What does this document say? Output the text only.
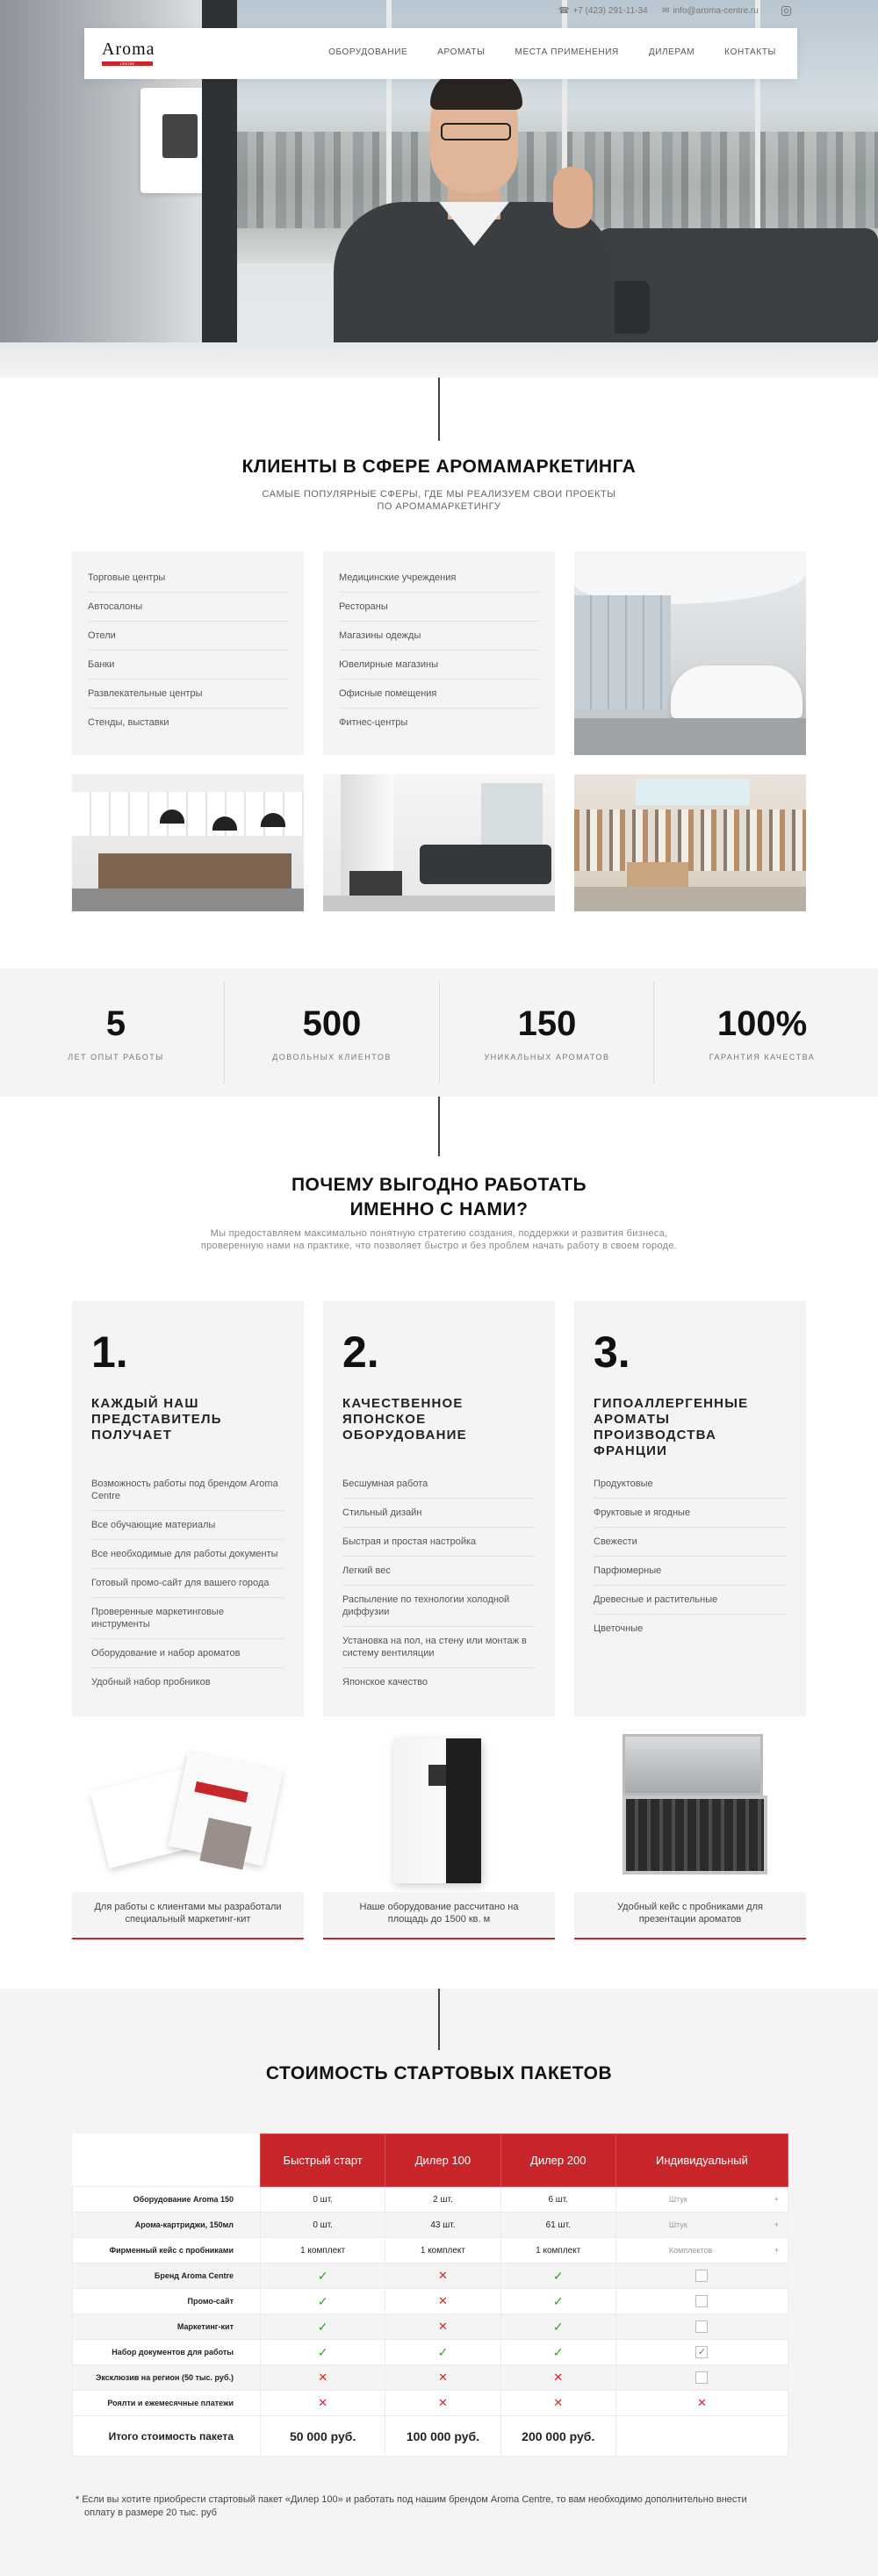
☎ +7 (423) 291-11-34 ✉ info@aroma-centre.ru
Aroma
CENTRE
ОБОРУДОВАНИЕ	АРОМАТЫ	МЕСТА ПРИМЕНЕНИЯ	ДИЛЕРАМ	КОНТАКТЫ
КЛИЕНТЫ В СФЕРЕ АРОМАМАРКЕТИНГА
САМЫЕ ПОПУЛЯРНЫЕ СФЕРЫ, ГДЕ МЫ РЕАЛИЗУЕМ СВОИ ПРОЕКТЫ
ПО АРОМАМАРКЕТИНГУ
Торговые центры
Автосалоны
Отели
Банки
Развлекательные центры
Стенды, выставки
Медицинские учреждения
Рестораны
Магазины одежды
Ювелирные магазины
Офисные помещения
Фитнес-центры
5
ЛЕТ ОПЫТ РАБОТЫ
500
ДОВОЛЬНЫХ КЛИЕНТОВ
150
УНИКАЛЬНЫХ АРОМАТОВ
100%
ГАРАНТИЯ КАЧЕСТВА
ПОЧЕМУ ВЫГОДНО РАБОТАТЬ
ИМЕННО С НАМИ?
Мы предоставляем максимально понятную стратегию создания, поддержки и развития бизнеса,
проверенную нами на практике, что позволяет быстро и без проблем начать работу в своем городе.
1.
КАЖДЫЙ НАШ ПРЕДСТАВИТЕЛЬ ПОЛУЧАЕТ
Возможность работы под брендом Aroma Centre
Все обучающие материалы
Все необходимые для работы документы
Готовый промо-сайт для вашего города
Проверенные маркетинговые инструменты
Оборудование и набор ароматов
Удобный набор пробников
2.
КАЧЕСТВЕННОЕ ЯПОНСКОЕ ОБОРУДОВАНИЕ
Бесшумная работа
Стильный дизайн
Быстрая и простая настройка
Легкий вес
Распыление по технологии холодной диффузии
Установка на пол, на стену или монтаж в систему вентиляции
Японское качество
3.
ГИПОАЛЛЕРГЕННЫЕ АРОМАТЫ ПРОИЗВОДСТВА ФРАНЦИИ
Продуктовые
Фруктовые и ягодные
Свежести
Парфюмерные
Древесные и растительные
Цветочные
Для работы с клиентами мы разработали
специальный маркетинг-кит
Наше оборудование рассчитано на
площадь до 1500 кв. м
Удобный кейс с пробниками для
презентации ароматов
СТОИМОСТЬ СТАРТОВЫХ ПАКЕТОВ
	Быстрый старт	Дилер 100	Дилер 200	Индивидуальный
Оборудование Aroma 150	0 шт.	2 шт.	6 шт.	Штук +

Арома-картриджи, 150мл	0 шт.	43 шт.	61 шт.	Штук +

Фирменный кейс с пробниками	1 комплект	1 комплект	1 комплект	Комплектов +

Бренд Aroma Centre	✓	✕	✓	
Промо-сайт	✓	✕	✓	
Маркетинг-кит	✓	✕	✓	
Набор документов для работы	✓	✓	✓	✓
Эксклюзив на регион (50 тыс. руб.)	✕	✕	✕	
Роялти и ежемесячные платежи	✕	✕	✕	✕
Итого стоимость пакета	50 000 руб.	100 000 руб.	200 000 руб.	
* Если вы хотите приобрести стартовый пакет «Дилер 100» и работать под нашим брендом Aroma Centre, то вам необходимо дополнительно внести
оплату в размере 20 тыс. руб
